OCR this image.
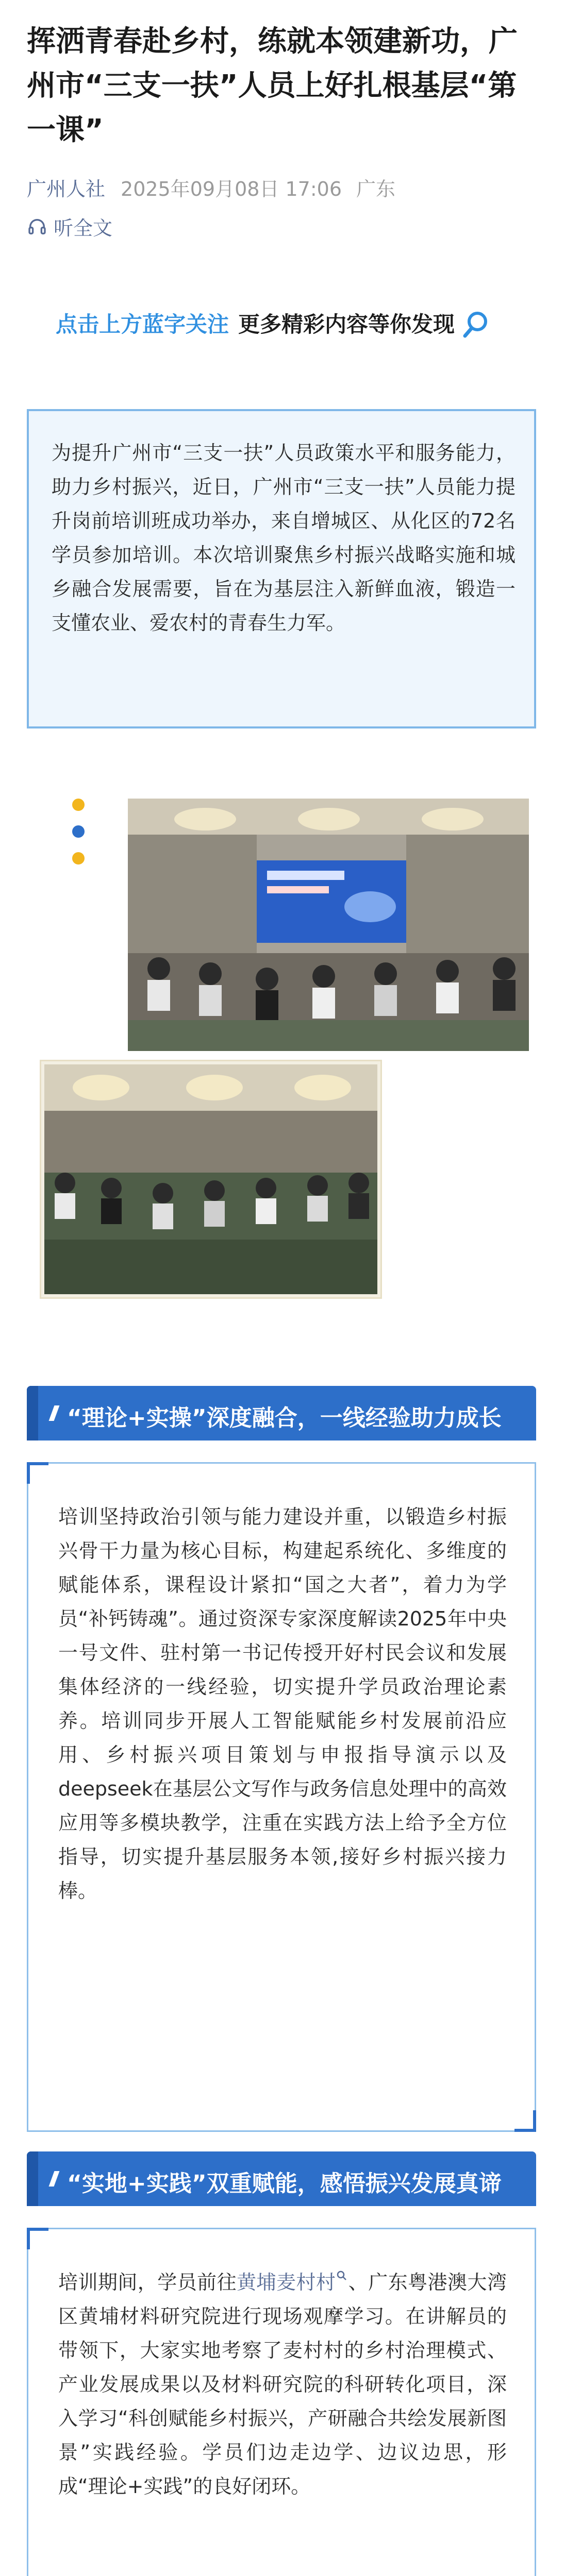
挥洒青春赴乡村，练就本领建新功，广州市“三支一扶”人员上好扎根基层“第一课”
广州人社 2025年09月08日 17:06 广东
听全文
点击上方蓝字关注 更多精彩内容等你发现

为提升广州市“三支一扶”人员政策水平和服务能力，助力乡村振兴，近日，广州市“三支一扶”人员能力提升岗前培训班成功举办，来自增城区、从化区的72名学员参加培训。本次培训聚焦乡村振兴战略实施和城乡融合发展需要，旨在为基层注入新鲜血液，锻造一支懂农业、爱农村的青春生力军。

“理论+实操”深度融合，一线经验助力成长

培训坚持政治引领与能力建设并重，以锻造乡村振兴骨干力量为核心目标，构建起系统化、多维度的赋能体系，课程设计紧扣“国之大者”，着力为学员“补钙铸魂”。通过资深专家深度解读2025年中央一号文件、驻村第一书记传授开好村民会议和发展集体经济的一线经验，切实提升学员政治理论素养。培训同步开展人工智能赋能乡村发展前沿应用、乡村振兴项目策划与申报指导演示以及deepseek在基层公文写作与政务信息处理中的高效应用等多模块教学，注重在实践方法上给予全方位指导，切实提升基层服务本领,接好乡村振兴接力棒。

“实地+实践”双重赋能，感悟振兴发展真谛

培训期间，学员前往黄埔麦村村 、广东粤港澳大湾区黄埔材料研究院进行现场观摩学习。在讲解员的带领下，大家实地考察了麦村村的乡村治理模式、产业发展成果以及材料研究院的科研转化项目，深入学习“科创赋能乡村振兴，产研融合共绘发展新图景”实践经验。学员们边走边学、边议边思，形成“理论+实践”的良好闭环。
